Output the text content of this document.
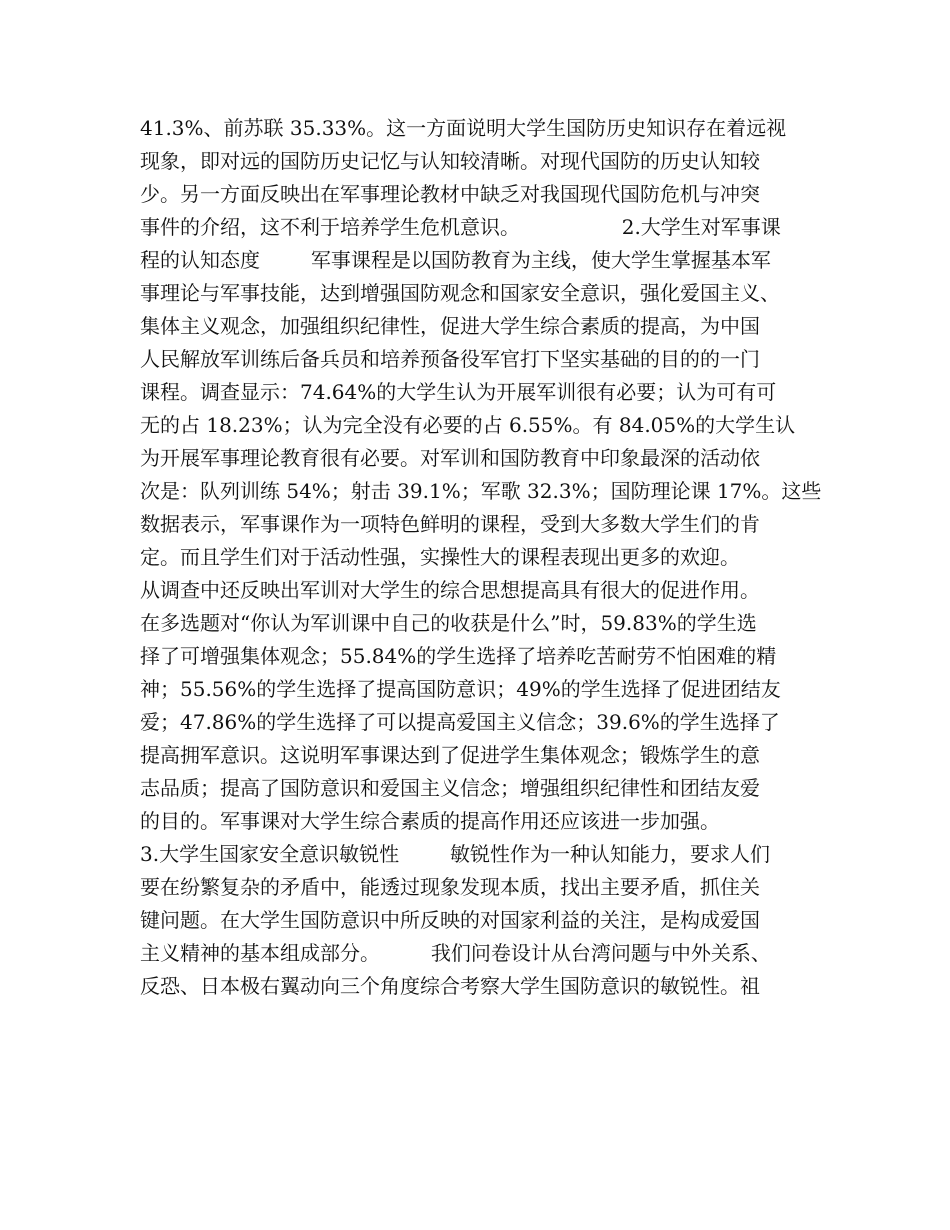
41.3%、前苏联 35.33%。这一方面说明大学生国防历史知识存在着远视
现象，即对远的国防历史记忆与认知较清晰。对现代国防的历史认知较
少。另一方面反映出在军事理论教材中缺乏对我国现代国防危机与冲突
事件的介绍，这不利于培养学生危机意识。                2.大学生对军事课
程的认知态度        军事课程是以国防教育为主线，使大学生掌握基本军
事理论与军事技能，达到增强国防观念和国家安全意识，强化爱国主义、
集体主义观念，加强组织纪律性，促进大学生综合素质的提高，为中国
人民解放军训练后备兵员和培养预备役军官打下坚实基础的目的的一门
课程。调查显示：74.64%的大学生认为开展军训很有必要；认为可有可
无的占 18.23%；认为完全没有必要的占 6.55%。有 84.05%的大学生认
为开展军事理论教育很有必要。对军训和国防教育中印象最深的活动依
次是：队列训练 54%；射击 39.1%；军歌 32.3%；国防理论课 17%。这些
数据表示，军事课作为一项特色鲜明的课程，受到大多数大学生们的肯
定。而且学生们对于活动性强，实操性大的课程表现出更多的欢迎。
从调查中还反映出军训对大学生的综合思想提高具有很大的促进作用。
在多选题对“你认为军训课中自己的收获是什么”时，59.83%的学生选
择了可增强集体观念；55.84%的学生选择了培养吃苦耐劳不怕困难的精
神；55.56%的学生选择了提高国防意识；49%的学生选择了促进团结友
爱；47.86%的学生选择了可以提高爱国主义信念；39.6%的学生选择了
提高拥军意识。这说明军事课达到了促进学生集体观念；锻炼学生的意
志品质；提高了国防意识和爱国主义信念；增强组织纪律性和团结友爱
的目的。军事课对大学生综合素质的提高作用还应该进一步加强。
3.大学生国家安全意识敏锐性        敏锐性作为一种认知能力，要求人们
要在纷繁复杂的矛盾中，能透过现象发现本质，找出主要矛盾，抓住关
键问题。在大学生国防意识中所反映的对国家利益的关注，是构成爱国
主义精神的基本组成部分。        我们问卷设计从台湾问题与中外关系、
反恐、日本极右翼动向三个角度综合考察大学生国防意识的敏锐性。祖
